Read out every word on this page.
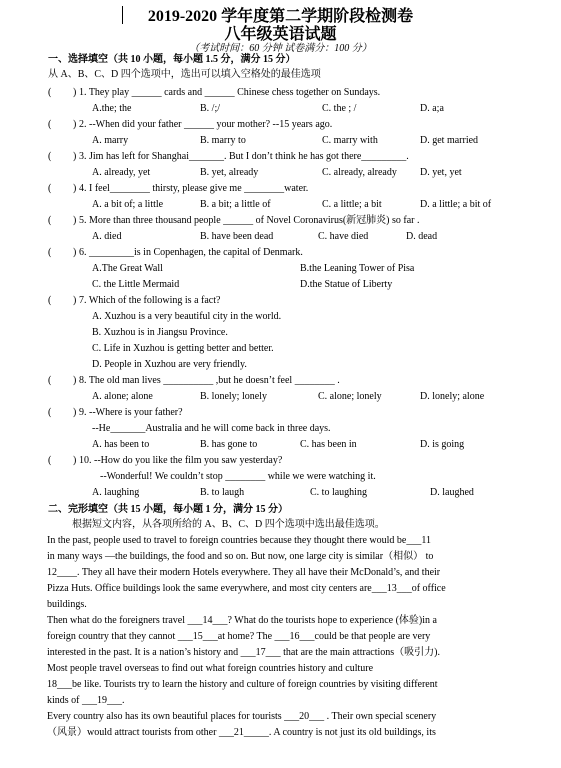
2019-2020 学年度第二学期阶段检测卷
八年级英语试题
（考试时间：60 分钟 试卷满分：100 分）
一、选择填空（共 10 小题，每小题 1.5 分，满分 15 分）
从 A、B、C、D 四个选项中，选出可以填入空格处的最佳选项
( ) 1. They play ______ cards and ______ Chinese chess together on Sundays.
A.the; the	B. /;/	C. the ; /	D. a;a
( ) 2. --When did your father ______ your mother? --15 years ago.
A. marry	B. marry to	C. marry with	D. get married
( ) 3. Jim has left for Shanghai_______. But I don’t think he has got there_________.
A. already, yet	B. yet, already	C. already, already D. yet, yet
( ) 4. I feel________ thirsty, please give me ________water.
A. a bit of; a little	B. a bit; a little of	C. a little; a bit	D. a little; a bit of
( ) 5. More than three thousand people ______ of Novel Coronavirus(新冠肺炎) so far .
A. died	B. have been dead	C. have died	D. dead
( ) 6. _________is in Copenhagen, the capital of Denmark.
A.The Great Wall	B.the Leaning Tower of Pisa
C. the Little Mermaid	D.the Statue of Liberty
( ) 7. Which of the following is a fact?
A. Xuzhou is a very beautiful city in the world.
B. Xuzhou is in Jiangsu Province.
C. Life in Xuzhou is getting better and better.
D. People in Xuzhou are very friendly.
( ) 8. The old man lives __________ ,but he doesn’t feel ________ .
A. alone; alone	B. lonely; lonely	C. alone; lonely	D. lonely; alone
( ) 9. --Where is your father?
--He_______Australia and he will come back in three days.
A. has been to	B. has gone to	C. has been in	D. is going
( ) 10. --How do you like the film you saw yesterday?
--Wonderful! We couldn’t stop ________ while we were watching it.
A. laughing	B. to laugh	C. to laughing	D. laughed
二、完形填空（共 15 小题，每小题 1 分，满分 15 分）
根据短文内容，从各项所给的 A、B、C、D 四个选项中选出最佳选项。
In the past, people used to travel to foreign countries because they thought there would be___11
in many ways —the buildings, the food and so on. But now, one large city is similar（相似） to
12____. They all have their modern Hotels everywhere. They all have their McDonald’s, and their
Pizza Huts. Office buildings look the same everywhere, and most city centers are___13___of office
buildings.
Then what do the foreigners travel ___14___? What do the tourists hope to experience (体验)in a
foreign country that they cannot ___15___at home? The ___16___could be that people are very
interested in the past. It is a nation’s history and ___17___ that are the main attractions（吸引力).
Most people travel overseas to find out what foreign countries history and culture
18___be like. Tourists try to learn the history and culture of foreign countries by visiting different
kinds of ___19___.
Every country also has its own beautiful places for tourists ___20___ . Their own special scenery
（风景）would attract tourists from other ___21_____. A country is not just its old buildings, its
